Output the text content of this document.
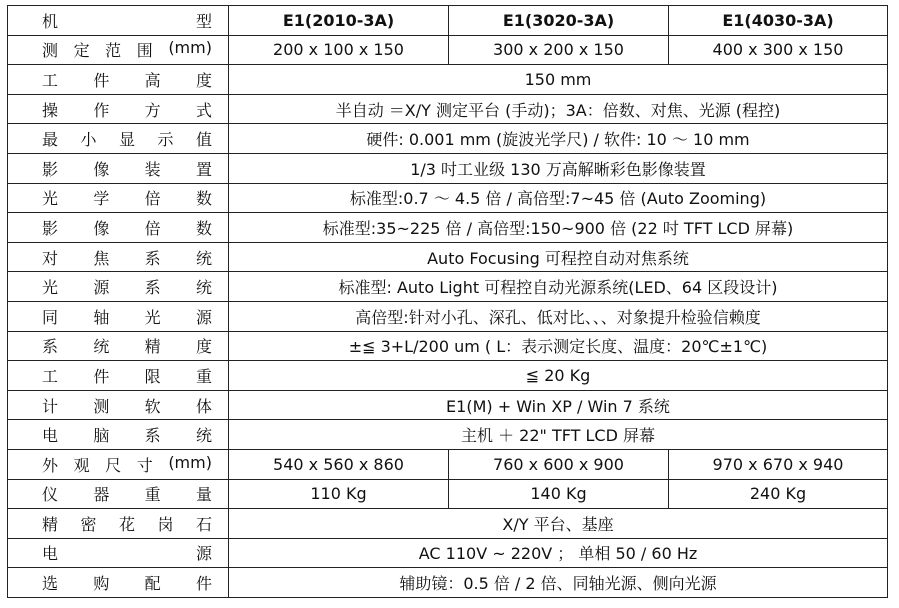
机 型	E1(2010-3A)	E1(3020-3A)	E1(4030-3A)

测 定 范 围 (mm)	200 x 100 x 150	300 x 200 x 150	400 x 300 x 150

工 件 高 度	150 mm		

操 作 方 式	半自动 ＝X/Y 测定平台 (手动)；3A：倍数、对焦、光源 (程控)		

最 小 显 示 值	硬件: 0.001 mm (旋波光学尺) / 软件: 10 ～ 10 mm		

影 像 装 置	1/3 吋工业级 130 万高解晰彩色影像装置		

光 学 倍 数	标准型:0.7 ～ 4.5 倍 / 高倍型:7~45 倍 (Auto Zooming)		

影 像 倍 数	标准型:35~225 倍 / 高倍型:150~900 倍 (22 吋 TFT LCD 屏幕)		

对 焦 系 统	Auto Focusing 可程控自动对焦系统		

光 源 系 统	标准型: Auto Light 可程控自动光源系统(LED、64 区段设计)		

同 轴 光 源	高倍型:针对小孔、深孔、低对比、、、对象提升检验信赖度		

系 统 精 度	±≦ 3+L/200 um ( L：表示测定长度、温度：20℃±1℃)		

工 件 限 重	≦ 20 Kg		

计 测 软 体	E1(M) + Win XP / Win 7 系统		

电 脑 系 统	主机 ＋ 22" TFT LCD 屏幕		

外 观 尺 寸 (mm)	540 x 560 x 860	760 x 600 x 900	970 x 670 x 940

仪 器 重 量	110 Kg	140 Kg	240 Kg

精 密 花 岗 石	X/Y 平台、基座		

电 源	AC 110V ~ 220V ； 单相 50 / 60 Hz		

选 购 配 件	辅助镜：0.5 倍 / 2 倍、同轴光源、侧向光源		
